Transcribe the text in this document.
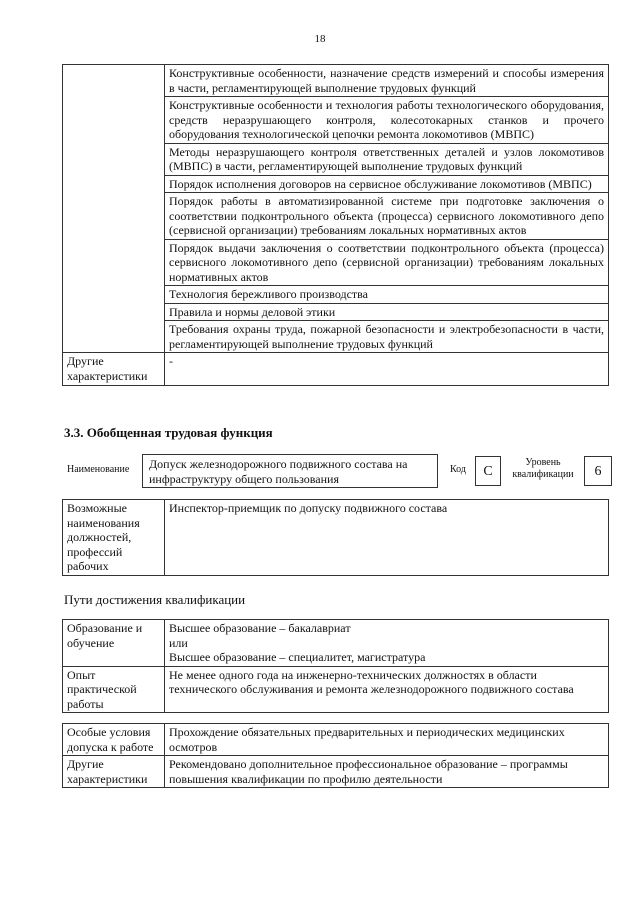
18
	Конструктивные особенности, назначение средств измерений и способы измерения в части, регламентирующей выполнение трудовых функций
	Конструктивные особенности и технология работы технологического оборудования, средств неразрушающего контроля, колесотокарных станков и прочего оборудования технологической цепочки ремонта локомотивов (МВПС)
	Методы неразрушающего контроля ответственных деталей и узлов локомотивов (МВПС) в части, регламентирующей выполнение трудовых функций
	Порядок исполнения договоров на сервисное обслуживание локомотивов (МВПС)
	Порядок работы в автоматизированной системе при подготовке заключения о соответствии подконтрольного объекта (процесса) сервисного локомотивного депо (сервисной организации) требованиям локальных нормативных актов
	Порядок выдачи заключения о соответствии подконтрольного объекта (процесса) сервисного локомотивного депо (сервисной организации) требованиям локальных нормативных актов
	Технология бережливого производства
	Правила и нормы деловой этики
	Требования охраны труда, пожарной безопасности и электробезопасности в части, регламентирующей выполнение трудовых функций
Другие характеристики	-
3.3. Обобщенная трудовая функция
Наименование	Допуск железнодорожного подвижного состава на инфраструктуру общего пользования
Код	C
Уровень
квалификации	6
Возможные наименования должностей, профессий рабочих	Инспектор-приемщик по допуску подвижного состава
Пути достижения квалификации
Образование и обучение	Высшее образование – бакалавриат
или
Высшее образование – специалитет, магистратура

Опыт практической работы	Не менее одного года на инженерно-технических должностях в области технического обслуживания и ремонта железнодорожного подвижного состава
Особые условия допуска к работе	Прохождение обязательных предварительных и периодических медицинских осмотров
Другие характеристики	Рекомендовано дополнительное профессиональное образование – программы повышения квалификации по профилю деятельности
